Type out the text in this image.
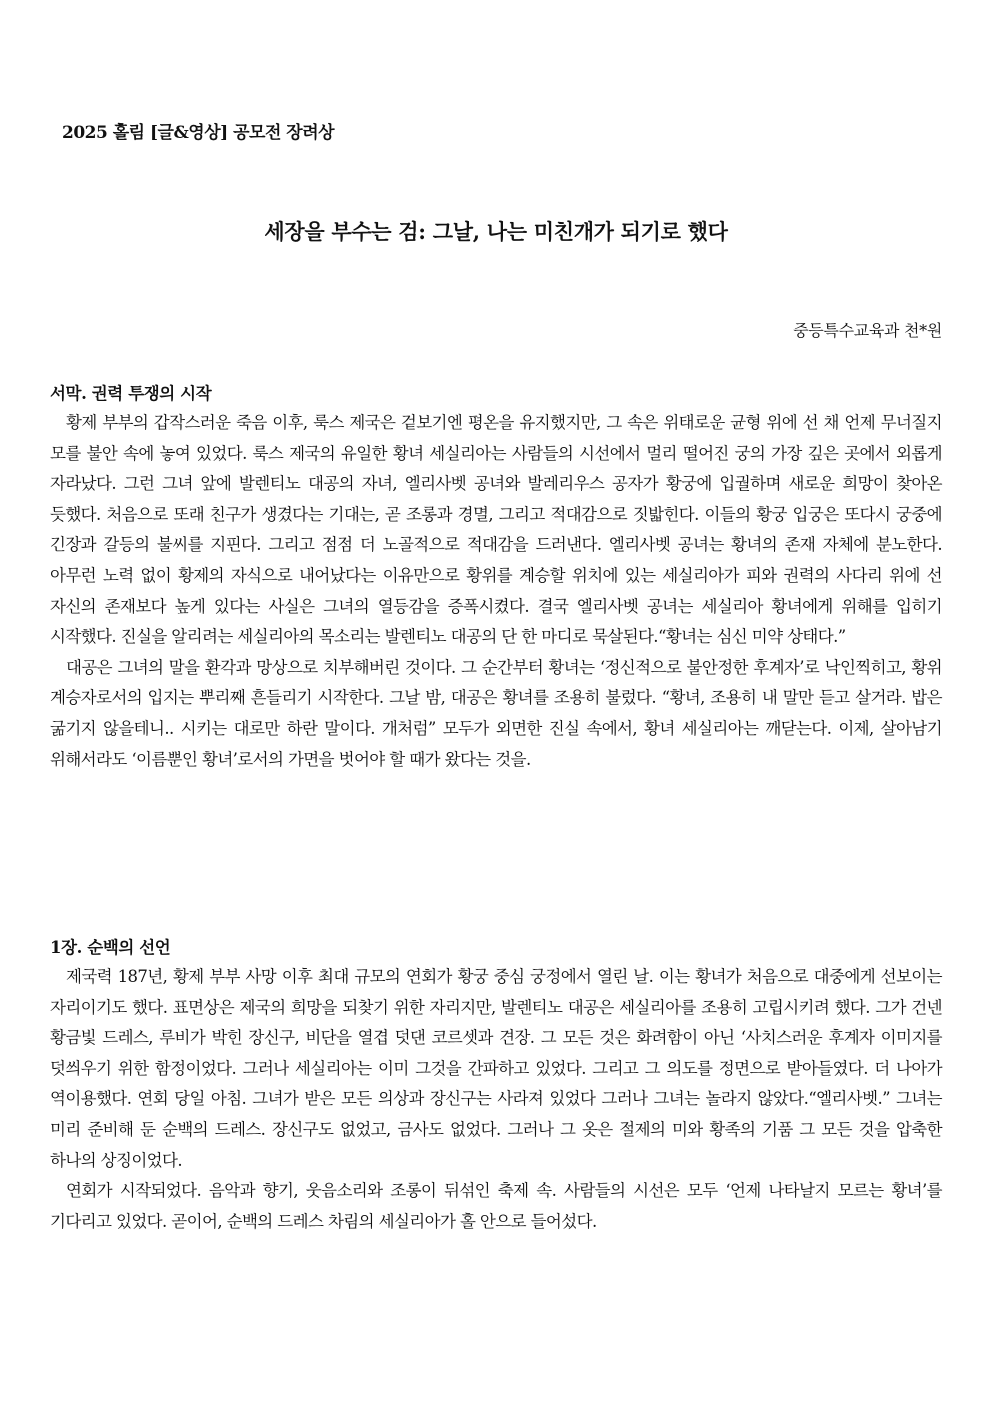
2025 홀림 [글&영상] 공모전 장려상
세장을 부수는 검: 그날, 나는 미친개가 되기로 했다
중등특수교육과 천*원
서막. 권력 투쟁의 시작

황제 부부의 갑작스러운 죽음 이후, 룩스 제국은 겉보기엔 평온을 유지했지만, 그 속은 위태로운 균형 위에 선 채 언제 무너질지 모를 불안 속에 놓여 있었다. 룩스 제국의 유일한 황녀 세실리아는 사람들의 시선에서 멀리 떨어진 궁의 가장 깊은 곳에서 외롭게 자라났다. 그런 그녀 앞에 발렌티노 대공의 자녀, 엘리사벳 공녀와 발레리우스 공자가 황궁에 입궐하며 새로운 희망이 찾아온 듯했다. 처음으로 또래 친구가 생겼다는 기대는, 곧 조롱과 경멸, 그리고 적대감으로 짓밟힌다. 이들의 황궁 입궁은 또다시 궁중에 긴장과 갈등의 불씨를 지핀다. 그리고 점점 더 노골적으로 적대감을 드러낸다. 엘리사벳 공녀는 황녀의 존재 자체에 분노한다. 아무런 노력 없이 황제의 자식으로 내어났다는 이유만으로 황위를 계승할 위치에 있는 세실리아가 피와 권력의 사다리 위에 선 자신의 존재보다 높게 있다는 사실은 그녀의 열등감을 증폭시켰다. 결국 엘리사벳 공녀는 세실리아 황녀에게 위해를 입히기 시작했다. 진실을 알리려는 세실리아의 목소리는 발렌티노 대공의 단 한 마디로 묵살된다.“황녀는 심신 미약 상태다.”

대공은 그녀의 말을 환각과 망상으로 치부해버린 것이다. 그 순간부터 황녀는 ‘정신적으로 불안정한 후계자’로 낙인찍히고, 황위 계승자로서의 입지는 뿌리째 흔들리기 시작한다. 그날 밤, 대공은 황녀를 조용히 불렀다. “황녀, 조용히 내 말만 듣고 살거라. 밥은 굶기지 않을테니.. 시키는 대로만 하란 말이다. 개처럼” 모두가 외면한 진실 속에서, 황녀 세실리아는 깨닫는다. 이제, 살아남기 위해서라도 ‘이름뿐인 황녀’로서의 가면을 벗어야 할 때가 왔다는 것을.

1장. 순백의 선언

제국력 187년, 황제 부부 사망 이후 최대 규모의 연회가 황궁 중심 궁정에서 열린 날. 이는 황녀가 처음으로 대중에게 선보이는 자리이기도 했다. 표면상은 제국의 희망을 되찾기 위한 자리지만, 발렌티노 대공은 세실리아를 조용히 고립시키려 했다. 그가 건넨 황금빛 드레스, 루비가 박힌 장신구, 비단을 열겹 덧댄 코르셋과 견장. 그 모든 것은 화려함이 아닌 ‘사치스러운 후계자 이미지를 덧씌우기 위한 함정이었다. 그러나 세실리아는 이미 그것을 간파하고 있었다. 그리고 그 의도를 정면으로 받아들였다. 더 나아가 역이용했다. 연회 당일 아침. 그녀가 받은 모든 의상과 장신구는 사라져 있었다 그러나 그녀는 놀라지 않았다.“엘리사벳.” 그녀는 미리 준비해 둔 순백의 드레스. 장신구도 없었고, 금사도 없었다. 그러나 그 옷은 절제의 미와 황족의 기품 그 모든 것을 압축한 하나의 상징이었다.

연회가 시작되었다. 음악과 향기, 웃음소리와 조롱이 뒤섞인 축제 속. 사람들의 시선은 모두 ‘언제 나타날지 모르는 황녀’를 기다리고 있었다. 곧이어, 순백의 드레스 차림의 세실리아가 홀 안으로 들어섰다.
